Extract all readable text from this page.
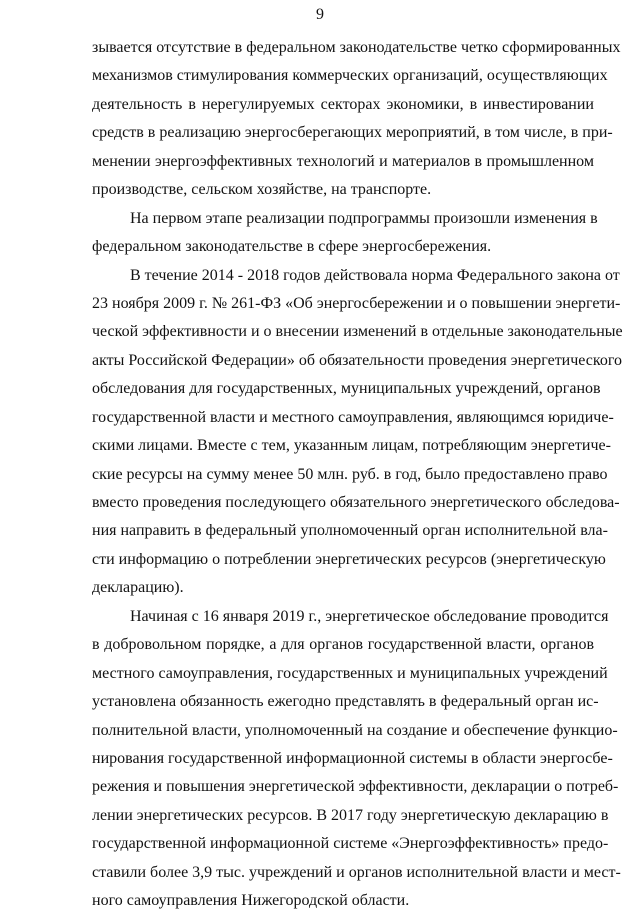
9
зывается отсутствие в федеральном законодательстве четко сформированных
механизмов стимулирования коммерческих организаций, осуществляющих
деятельность в нерегулируемых секторах экономики, в инвестировании
средств в реализацию энергосберегающих мероприятий, в том числе, в при-
менении энергоэффективных технологий и материалов в промышленном
производстве, сельском хозяйстве, на транспорте.
На первом этапе реализации подпрограммы произошли изменения в
федеральном законодательстве в сфере энергосбережения.
В течение 2014 - 2018 годов действовала норма Федерального закона от
23 ноября 2009 г. № 261-ФЗ «Об энергосбережении и о повышении энергети-
ческой эффективности и о внесении изменений в отдельные законодательные
акты Российской Федерации» об обязательности проведения энергетического
обследования для государственных, муниципальных учреждений, органов
государственной власти и местного самоуправления, являющимся юридиче-
скими лицами. Вместе с тем, указанным лицам, потребляющим энергетиче-
ские ресурсы на сумму менее 50 млн. руб. в год, было предоставлено право
вместо проведения последующего обязательного энергетического обследова-
ния направить в федеральный уполномоченный орган исполнительной вла-
сти информацию о потреблении энергетических ресурсов (энергетическую
декларацию).
Начиная с 16 января 2019 г., энергетическое обследование проводится
в добровольном порядке, а для органов государственной власти, органов
местного самоуправления, государственных и муниципальных учреждений
установлена обязанность ежегодно представлять в федеральный орган ис-
полнительной власти, уполномоченный на создание и обеспечение функцио-
нирования государственной информационной системы в области энергосбе-
режения и повышения энергетической эффективности, декларации о потреб-
лении энергетических ресурсов. В 2017 году энергетическую декларацию в
государственной информационной системе «Энергоэффективность» предо-
ставили более 3,9 тыс. учреждений и органов исполнительной власти и мест-
ного самоуправления Нижегородской области.
